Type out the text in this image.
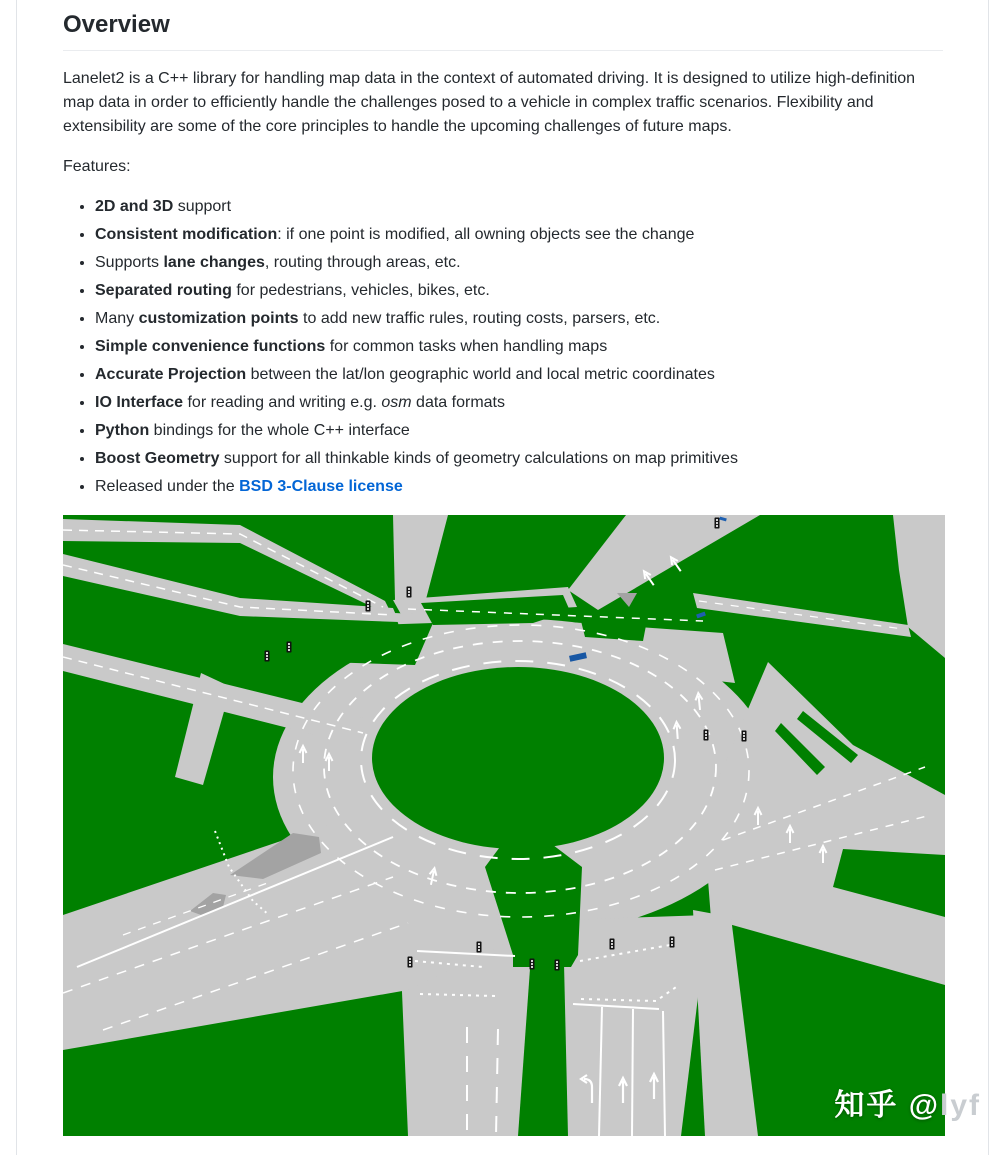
Overview

Lanelet2 is a C++ library for handling map data in the context of automated driving. It is designed to utilize high-definition map data in order to efficiently handle the challenges posed to a vehicle in complex traffic scenarios. Flexibility and extensibility are some of the core principles to handle the upcoming challenges of future maps.

Features:

• 2D and 3D support
• Consistent modification: if one point is modified, all owning objects see the change
• Supports lane changes, routing through areas, etc.
• Separated routing for pedestrians, vehicles, bikes, etc.
• Many customization points to add new traffic rules, routing costs, parsers, etc.
• Simple convenience functions for common tasks when handling maps
• Accurate Projection between the lat/lon geographic world and local metric coordinates
• IO Interface for reading and writing e.g. osm data formats
• Python bindings for the whole C++ interface
• Boost Geometry support for all thinkable kinds of geometry calculations on map primitives
• Released under the BSD 3-Clause license
知乎 @lyf
